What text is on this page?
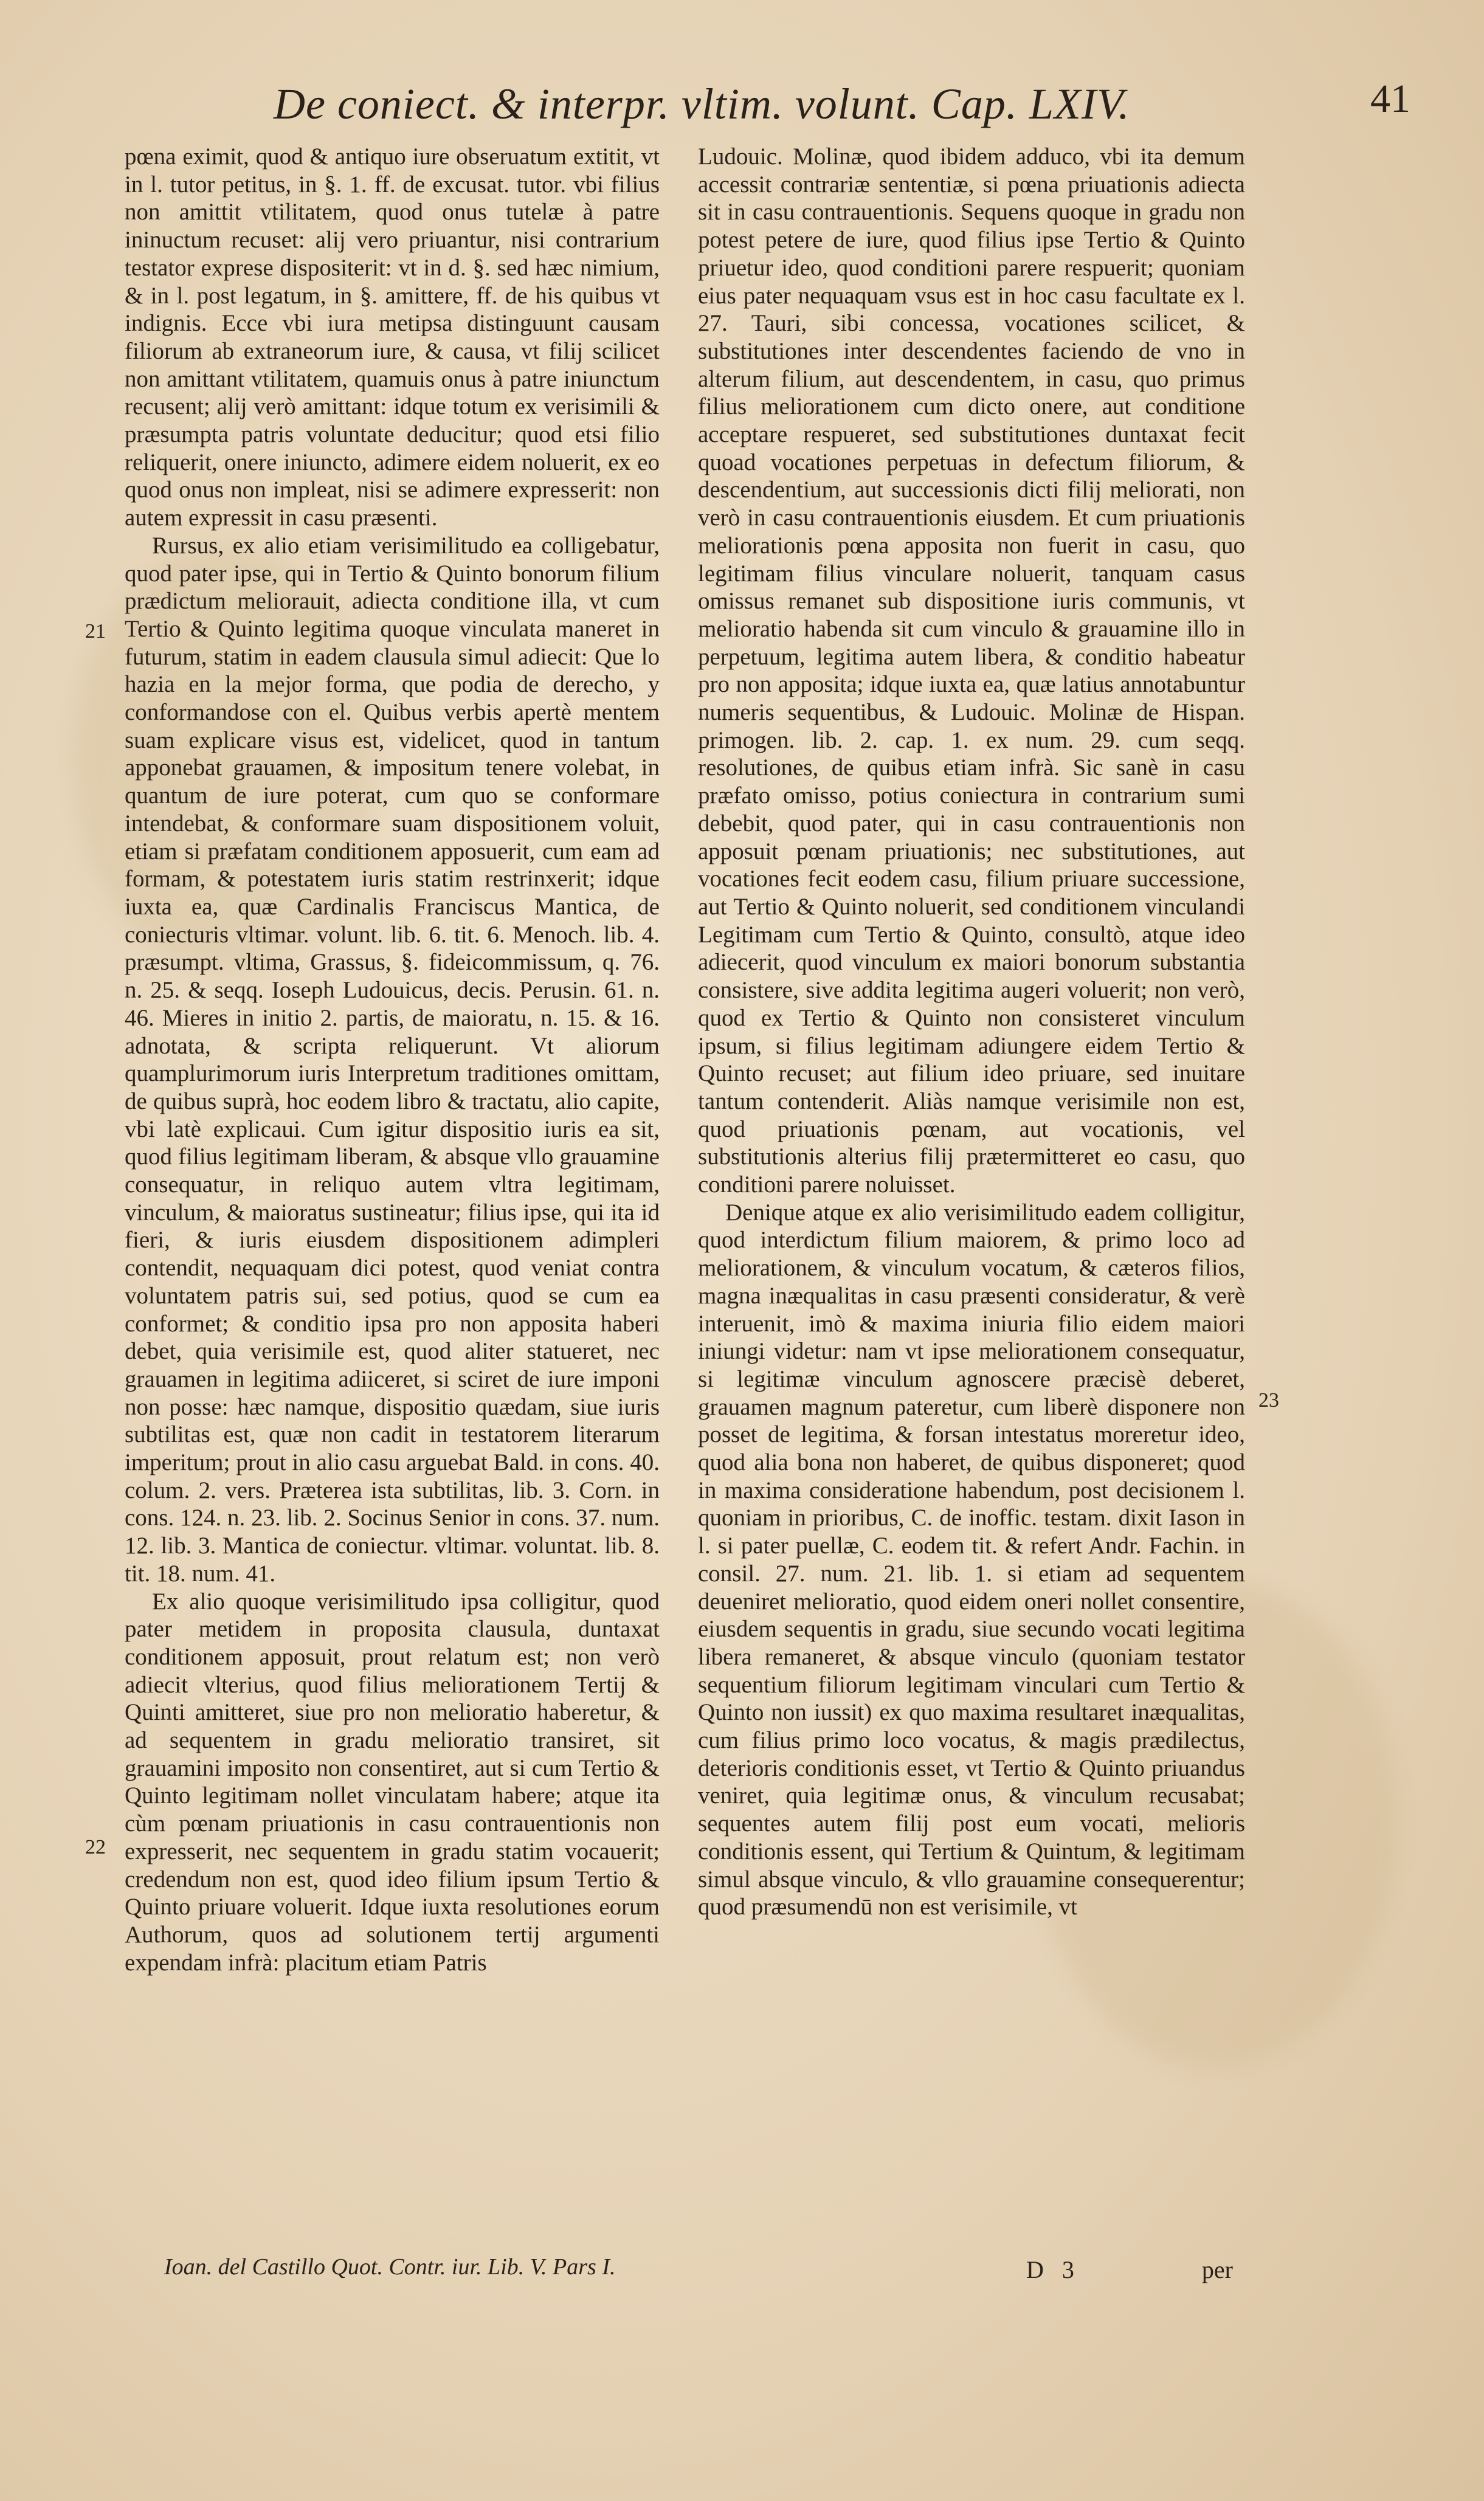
De coniect. & interpr. vltim. volunt. Cap. LXIV.	41
21
22
23

pœna eximit, quod & antiquo iure obseruatum extitit, vt in l. tutor petitus, in §. 1. ff. de excusat. tutor. vbi filius non amittit vtilitatem, quod onus tutelæ à patre ininuctum recuset: alij vero priuantur, nisi contrarium testator exprese dispositerit: vt in d. §. sed hæc nimium, & in l. post legatum, in §. amittere, ff. de his quibus vt indignis. Ecce vbi iura metipsa distinguunt causam filiorum ab extraneorum iure, & causa, vt filij scilicet non amittant vtilitatem, quamuis onus à patre iniunctum recusent; alij verò amittant: idque totum ex verisimili & præsumpta patris voluntate deducitur; quod etsi filio reliquerit, onere iniuncto, adimere eidem noluerit, ex eo quod onus non impleat, nisi se adimere expresserit: non autem expressit in casu præsenti.

Rursus, ex alio etiam verisimilitudo ea colligebatur, quod pater ipse, qui in Tertio & Quinto bonorum filium prædictum meliorauit, adiecta conditione illa, vt cum Tertio & Quinto legitima quoque vinculata maneret in futurum, statim in eadem clausula simul adiecit: Que lo hazia en la mejor forma, que podia de derecho, y conformandose con el. Quibus verbis apertè mentem suam explicare visus est, videlicet, quod in tantum apponebat grauamen, & impositum tenere volebat, in quantum de iure poterat, cum quo se conformare intendebat, & conformare suam dispositionem voluit, etiam si præfatam conditionem apposuerit, cum eam ad formam, & potestatem iuris statim restrinxerit; idque iuxta ea, quæ Cardinalis Franciscus Mantica, de coniecturis vltimar. volunt. lib. 6. tit. 6. Menoch. lib. 4. præsumpt. vltima, Grassus, §. fideicommissum, q. 76. n. 25. & seqq. Ioseph Ludouicus, decis. Perusin. 61. n. 46. Mieres in initio 2. partis, de maioratu, n. 15. & 16. adnotata, & scripta reliquerunt. Vt aliorum quamplurimorum iuris Interpretum traditiones omittam, de quibus suprà, hoc eodem libro & tractatu, alio capite, vbi latè explicaui. Cum igitur dispositio iuris ea sit, quod filius legitimam liberam, & absque vllo grauamine consequatur, in reliquo autem vltra legitimam, vinculum, & maioratus sustineatur; filius ipse, qui ita id fieri, & iuris eiusdem dispositionem adimpleri contendit, nequaquam dici potest, quod veniat contra voluntatem patris sui, sed potius, quod se cum ea conformet; & conditio ipsa pro non apposita haberi debet, quia verisimile est, quod aliter statueret, nec grauamen in legitima adiiceret, si sciret de iure imponi non posse: hæc namque, dispositio quædam, siue iuris subtilitas est, quæ non cadit in testatorem literarum imperitum; prout in alio casu arguebat Bald. in cons. 40. colum. 2. vers. Præterea ista subtilitas, lib. 3. Corn. in cons. 124. n. 23. lib. 2. Socinus Senior in cons. 37. num. 12. lib. 3. Mantica de coniectur. vltimar. voluntat. lib. 8. tit. 18. num. 41.

Ex alio quoque verisimilitudo ipsa colligitur, quod pater metidem in proposita clausula, duntaxat conditionem apposuit, prout relatum est; non verò adiecit vlterius, quod filius meliorationem Tertij & Quinti amitteret, siue pro non melioratio haberetur, & ad sequentem in gradu melioratio transiret, sit grauamini imposito non consentiret, aut si cum Tertio & Quinto legitimam nollet vinculatam habere; atque ita cùm pœnam priuationis in casu contrauentionis non expresserit, nec sequentem in gradu statim vocauerit; credendum non est, quod ideo filium ipsum Tertio & Quinto priuare voluerit. Idque iuxta resolutiones eorum Authorum, quos ad solutionem tertij argumenti expendam infrà: placitum etiam Patris

Ioan. del Castillo Quot. Contr. iur. Lib. V. Pars I.

Ludouic. Molinæ, quod ibidem adduco, vbi ita demum accessit contrariæ sententiæ, si pœna priuationis adiecta sit in casu contrauentionis. Sequens quoque in gradu non potest petere de iure, quod filius ipse Tertio & Quinto priuetur ideo, quod conditioni parere respuerit; quoniam eius pater nequaquam vsus est in hoc casu facultate ex l. 27. Tauri, sibi concessa, vocationes scilicet, & substitutiones inter descendentes faciendo de vno in alterum filium, aut descendentem, in casu, quo primus filius meliorationem cum dicto onere, aut conditione acceptare respueret, sed substitutiones duntaxat fecit quoad vocationes perpetuas in defectum filiorum, & descendentium, aut successionis dicti filij meliorati, non verò in casu contrauentionis eiusdem. Et cum priuationis meliorationis pœna apposita non fuerit in casu, quo legitimam filius vinculare noluerit, tanquam casus omissus remanet sub dispositione iuris communis, vt melioratio habenda sit cum vinculo & grauamine illo in perpetuum, legitima autem libera, & conditio habeatur pro non apposita; idque iuxta ea, quæ latius annotabuntur numeris sequentibus, & Ludouic. Molinæ de Hispan. primogen. lib. 2. cap. 1. ex num. 29. cum seqq. resolutiones, de quibus etiam infrà. Sic sanè in casu præfato omisso, potius coniectura in contrarium sumi debebit, quod pater, qui in casu contrauentionis non apposuit pœnam priuationis; nec substitutiones, aut vocationes fecit eodem casu, filium priuare successione, aut Tertio & Quinto noluerit, sed conditionem vinculandi Legitimam cum Tertio & Quinto, consultò, atque ideo adiecerit, quod vinculum ex maiori bonorum substantia consistere, sive addita legitima augeri voluerit; non verò, quod ex Tertio & Quinto non consisteret vinculum ipsum, si filius legitimam adiungere eidem Tertio & Quinto recuset; aut filium ideo priuare, sed inuitare tantum contenderit. Aliàs namque verisimile non est, quod priuationis pœnam, aut vocationis, vel substitutionis alterius filij prætermitteret eo casu, quo conditioni parere noluisset.

Denique atque ex alio verisimilitudo eadem colligitur, quod interdictum filium maiorem, & primo loco ad meliorationem, & vinculum vocatum, & cæteros filios, magna inæqualitas in casu præsenti consideratur, & verè interuenit, imò & maxima iniuria filio eidem maiori iniungi videtur: nam vt ipse meliorationem consequatur, si legitimæ vinculum agnoscere præcisè deberet, grauamen magnum pateretur, cum liberè disponere non posset de legitima, & forsan intestatus moreretur ideo, quod alia bona non haberet, de quibus disponeret; quod in maxima consideratione habendum, post decisionem l. quoniam in prioribus, C. de inoffic. testam. dixit Iason in l. si pater puellæ, C. eodem tit. & refert Andr. Fachin. in consil. 27. num. 21. lib. 1. si etiam ad sequentem deueniret melioratio, quod eidem oneri nollet consentire, eiusdem sequentis in gradu, siue secundo vocati legitima libera remaneret, & absque vinculo (quoniam testator sequentium filiorum legitimam vinculari cum Tertio & Quinto non iussit) ex quo maxima resultaret inæqualitas, cum filius primo loco vocatus, & magis prædilectus, deterioris conditionis esset, vt Tertio & Quinto priuandus veniret, quia legitimæ onus, & vinculum recusabat; sequentes autem filij post eum vocati, melioris conditionis essent, qui Tertium & Quintum, & legitimam simul absque vinculo, & vllo grauamine consequerentur; quod præsumendū non est verisimile, vt

D 3	per
